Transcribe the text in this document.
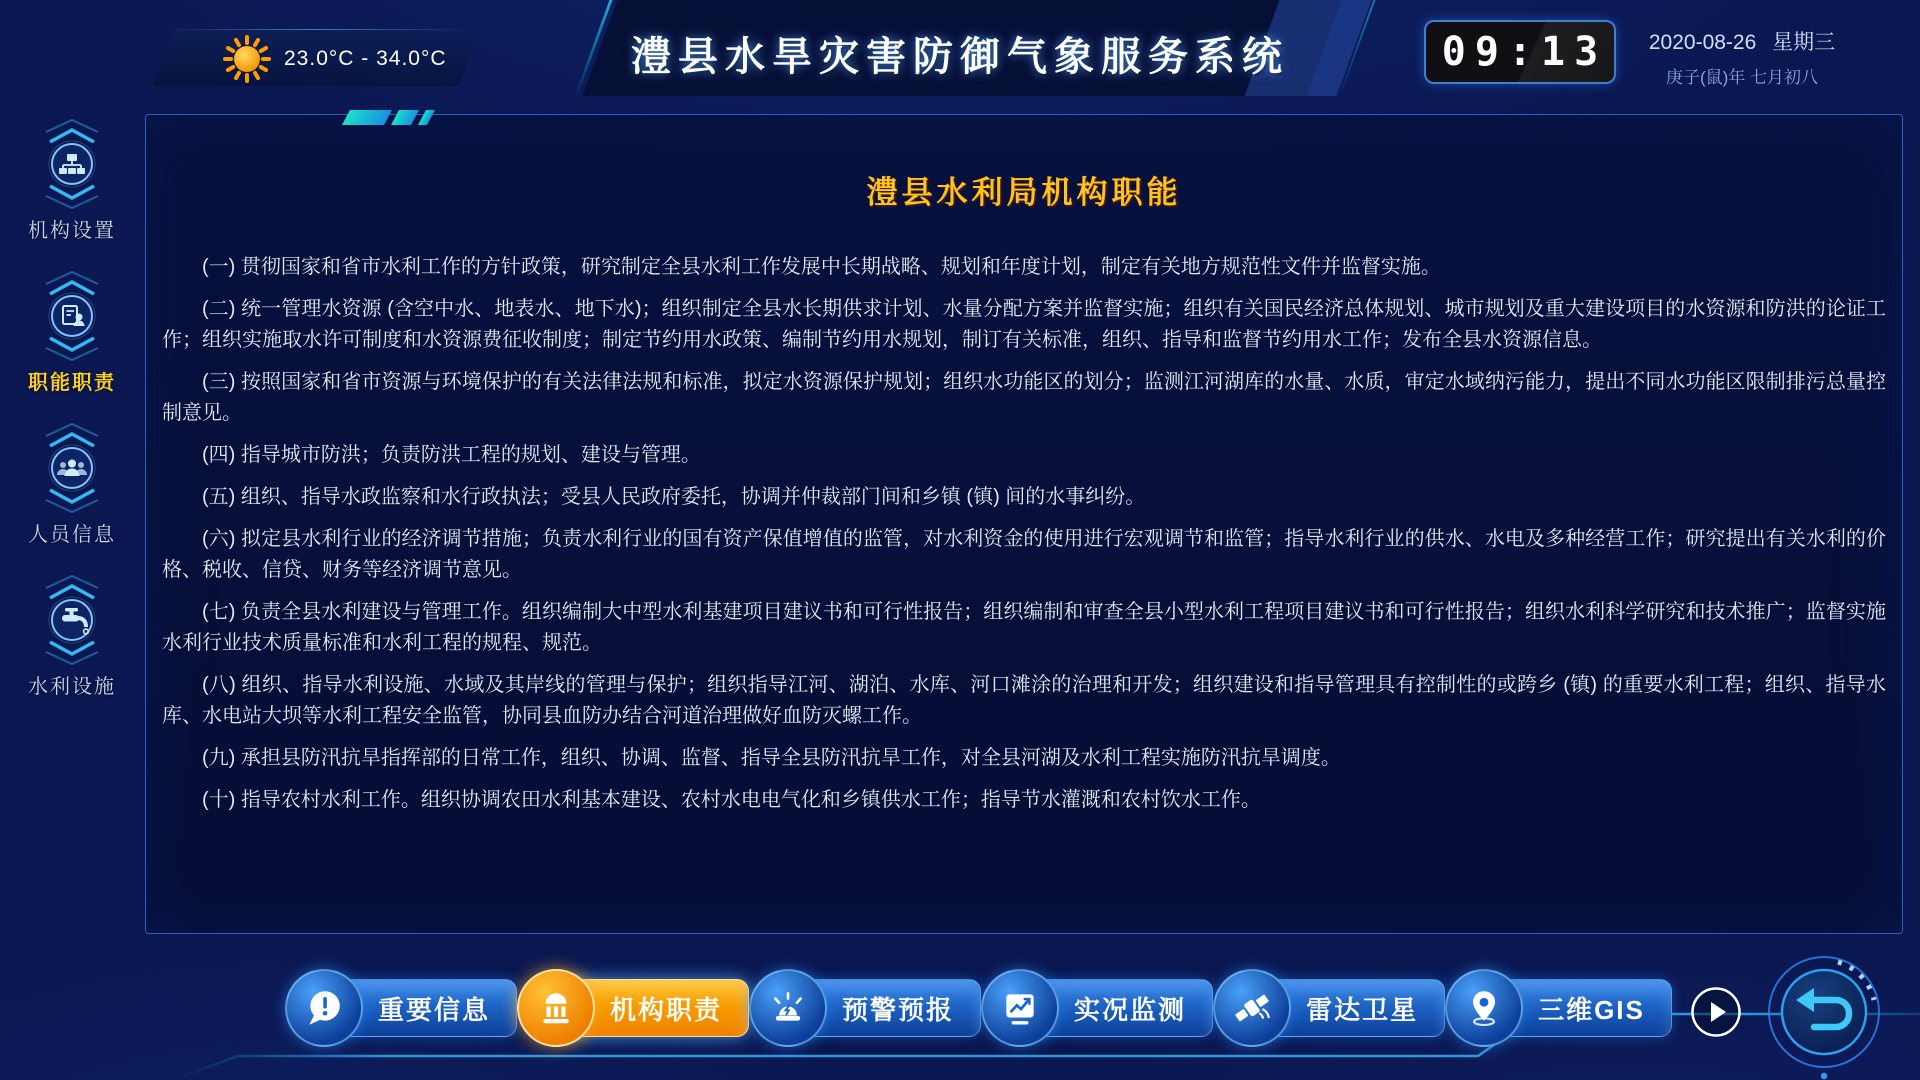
23.0°C - 34.0°C	澧县水旱灾害防御气象服务系统	09:13	2020-08-26 星期三
庚子(鼠)年 七月初八
机构设置
职能职责
人员信息
水利设施
澧县水利局机构职能

(一) 贯彻国家和省市水利工作的方针政策，研究制定全县水利工作发展中长期战略、规划和年度计划，制定有关地方规范性文件并监督实施。

(二) 统一管理水资源 (含空中水、地表水、地下水)；组织制定全县水长期供求计划、水量分配方案并监督实施；组织有关国民经济总体规划、城市规划及重大建设项目的水资源和防洪的论证工作；组织实施取水许可制度和水资源费征收制度；制定节约用水政策、编制节约用水规划，制订有关标准，组织、指导和监督节约用水工作；发布全县水资源信息。

(三) 按照国家和省市资源与环境保护的有关法律法规和标准，拟定水资源保护规划；组织水功能区的划分；监测江河湖库的水量、水质，审定水域纳污能力，提出不同水功能区限制排污总量控制意见。

(四) 指导城市防洪；负责防洪工程的规划、建设与管理。

(五) 组织、指导水政监察和水行政执法；受县人民政府委托，协调并仲裁部门间和乡镇 (镇) 间的水事纠纷。

(六) 拟定县水利行业的经济调节措施；负责水利行业的国有资产保值增值的监管，对水利资金的使用进行宏观调节和监管；指导水利行业的供水、水电及多种经营工作；研究提出有关水利的价格、税收、信贷、财务等经济调节意见。

(七) 负责全县水利建设与管理工作。组织编制大中型水利基建项目建议书和可行性报告；组织编制和审查全县小型水利工程项目建议书和可行性报告；组织水利科学研究和技术推广；监督实施水利行业技术质量标准和水利工程的规程、规范。

(八) 组织、指导水利设施、水域及其岸线的管理与保护；组织指导江河、湖泊、水库、河口滩涂的治理和开发；组织建设和指导管理具有控制性的或跨乡 (镇) 的重要水利工程；组织、指导水库、水电站大坝等水利工程安全监管，协同县血防办结合河道治理做好血防灭螺工作。

(九) 承担县防汛抗旱指挥部的日常工作，组织、协调、监督、指导全县防汛抗旱工作，对全县河湖及水利工程实施防汛抗旱调度。

(十) 指导农村水利工作。组织协调农田水利基本建设、农村水电电气化和乡镇供水工作；指导节水灌溉和农村饮水工作。

重要信息	机构职责	预警预报	实况监测	雷达卫星	三维GIS
